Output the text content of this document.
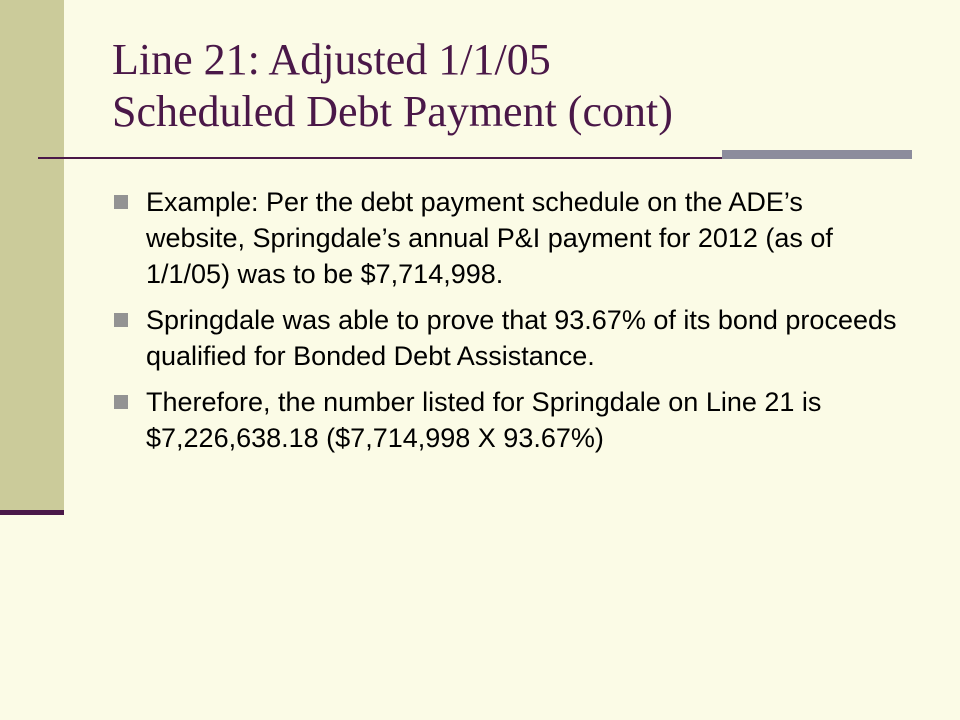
Line 21: Adjusted 1/1/05
Scheduled Debt Payment (cont)
Example: Per the debt payment schedule on the ADE’s website, Springdale’s annual P&I payment for 2012 (as of 1/1/05) was to be $7,714,998.
Springdale was able to prove that 93.67% of its bond proceeds qualified for Bonded Debt Assistance.
Therefore, the number listed for Springdale on Line 21 is $7,226,638.18 ($7,714,998 X 93.67%)
